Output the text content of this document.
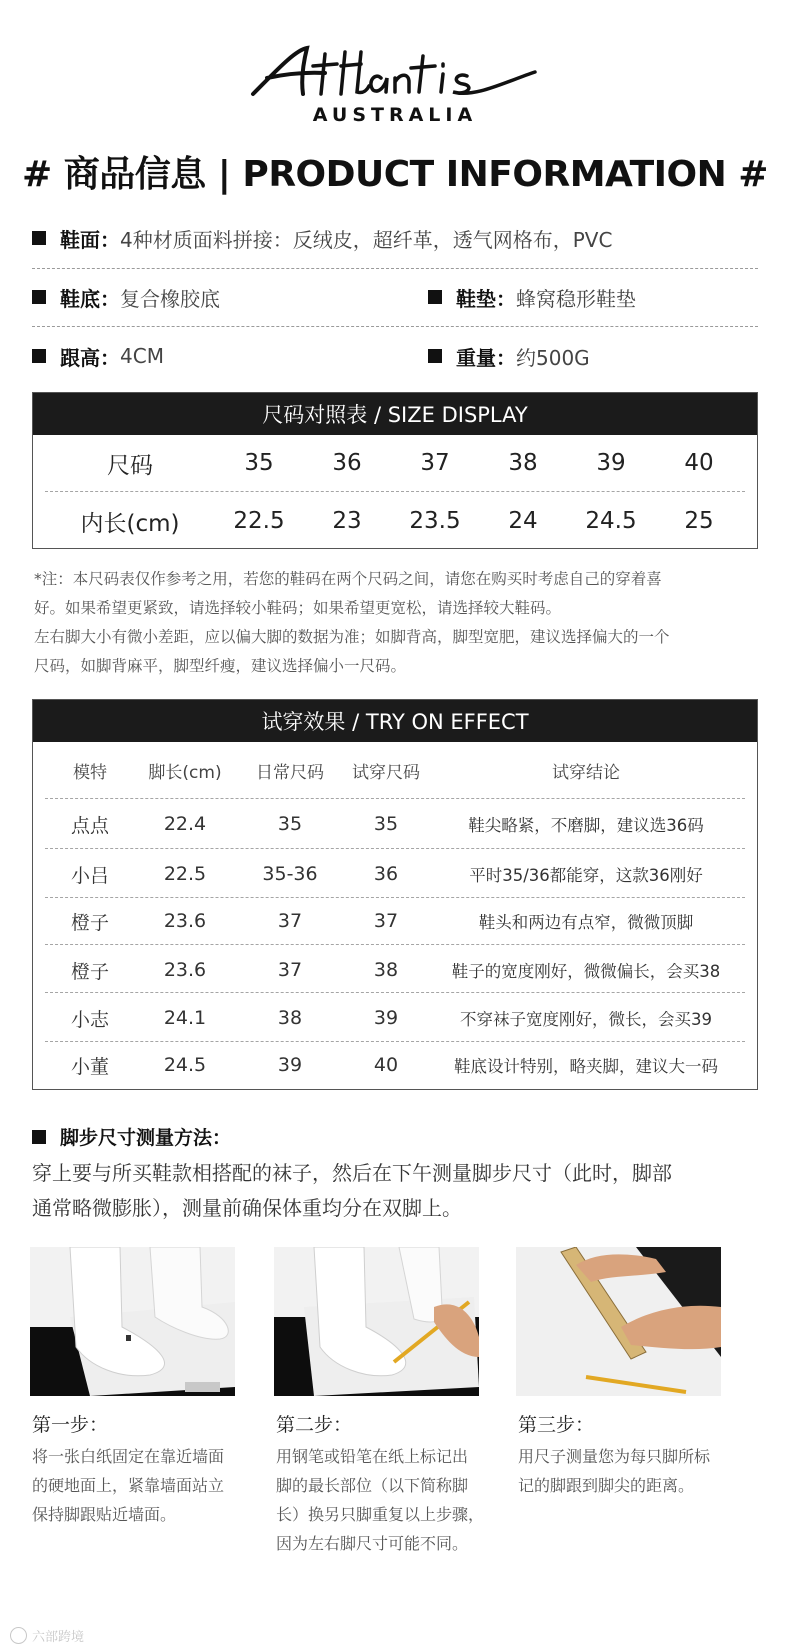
AUSTRALIA
# 商品信息 | PRODUCT INFORMATION #
鞋面： 4种材质面料拼接：反绒皮，超纤革，透气网格布，PVC
鞋底： 复合橡胶底	鞋垫： 蜂窝稳形鞋垫
跟高： 4CM	重量： 约500G
尺码对照表 / SIZE DISPLAY
尺码	35	36	37	38	39	40
内长(cm)	22.5	23	23.5	24	24.5	25
*注：本尺码表仅作参考之用，若您的鞋码在两个尺码之间，请您在购买时考虑自己的穿着喜
好。如果希望更紧致，请选择较小鞋码；如果希望更宽松，请选择较大鞋码。
左右脚大小有微小差距，应以偏大脚的数据为准；如脚背高，脚型宽肥，建议选择偏大的一个
尺码，如脚背麻平，脚型纤瘦，建议选择偏小一尺码。
试穿效果 / TRY ON EFFECT
模特	脚长(cm)	日常尺码	试穿尺码	试穿结论
点点	22.4	35	35	鞋尖略紧，不磨脚，建议选36码
小吕	22.5	35-36	36	平时35/36都能穿，这款36刚好
橙子	23.6	37	37	鞋头和两边有点窄，微微顶脚
橙子	23.6	37	38	鞋子的宽度刚好，微微偏长，会买38
小志	24.1	38	39	不穿袜子宽度刚好，微长，会买39
小董	24.5	39	40	鞋底设计特别，略夹脚，建议大一码
脚步尺寸测量方法：
穿上要与所买鞋款相搭配的袜子，然后在下午测量脚步尺寸（此时，脚部
通常略微膨胀），测量前确保体重均分在双脚上。
第一步：
将一张白纸固定在靠近墙面
的硬地面上，紧靠墙面站立
保持脚跟贴近墙面。
第二步：
用钢笔或铅笔在纸上标记出
脚的最长部位（以下简称脚
长）换另只脚重复以上步骤，
因为左右脚尺寸可能不同。
第三步：
用尺子测量您为每只脚所标
记的脚跟到脚尖的距离。
六部跨境
